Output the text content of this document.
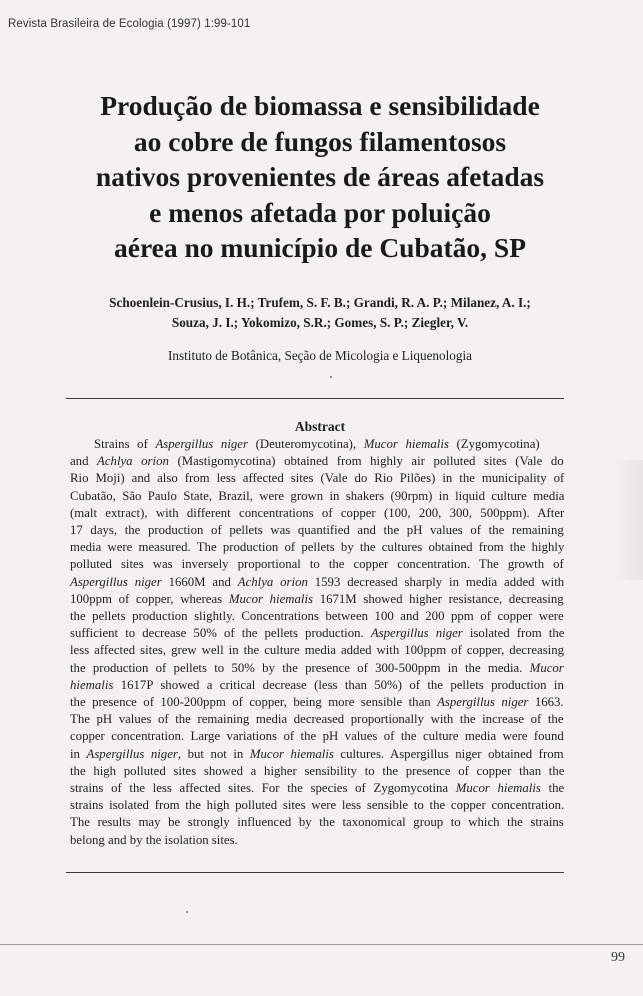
Revista Brasileira de Ecologia (1997) 1:99-101
Produção de biomassa e sensibilidade
ao cobre de fungos filamentosos
nativos provenientes de áreas afetadas
e menos afetada por poluição
aérea no município de Cubatão, SP
Schoenlein-Crusius, I. H.; Trufem, S. F. B.; Grandi, R. A. P.; Milanez, A. I.;
Souza, J. I.; Yokomizo, S.R.; Gomes, S. P.; Ziegler, V.
Instituto de Botânica, Seção de Micologia e Liquenologia
Abstract
Strains of Aspergillus niger (Deuteromycotina), Mucor hiemalis (Zygomycotina)
and Achlya orion (Mastigomycotina) obtained from highly air polluted sites (Vale do
Rio Moji) and also from less affected sites (Vale do Rio Pilões) in the municipality of
Cubatão, São Paulo State, Brazil, were grown in shakers (90rpm) in liquid culture media
(malt extract), with different concentrations of copper (100, 200, 300, 500ppm). After
17 days, the production of pellets was quantified and the pH values of the remaining
media were measured. The production of pellets by the cultures obtained from the highly
polluted sites was inversely proportional to the copper concentration. The growth of
Aspergillus niger 1660M and Achlya orion 1593 decreased sharply in media added with
100ppm of copper, whereas Mucor hiemalis 1671M showed higher resistance, decreasing
the pellets production slightly. Concentrations between 100 and 200 ppm of copper were
sufficient to decrease 50% of the pellets production. Aspergillus niger isolated from the
less affected sites, grew well in the culture media added with 100ppm of copper, decreasing
the production of pellets to 50% by the presence of 300-500ppm in the media. Mucor
hiemalis 1617P showed a critical decrease (less than 50%) of the pellets production in
the presence of 100-200ppm of copper, being more sensible than Aspergillus niger 1663.
The pH values of the remaining media decreased proportionally with the increase of the
copper concentration. Large variations of the pH values of the culture media were found
in Aspergillus niger, but not in Mucor hiemalis cultures. Aspergillus niger obtained from
the high polluted sites showed a higher sensibility to the presence of copper than the
strains of the less affected sites. For the species of Zygomycotina Mucor hiemalis the
strains isolated from the high polluted sites were less sensible to the copper concentration.
The results may be strongly influenced by the taxonomical group to which the strains
belong and by the isolation sites.
99
